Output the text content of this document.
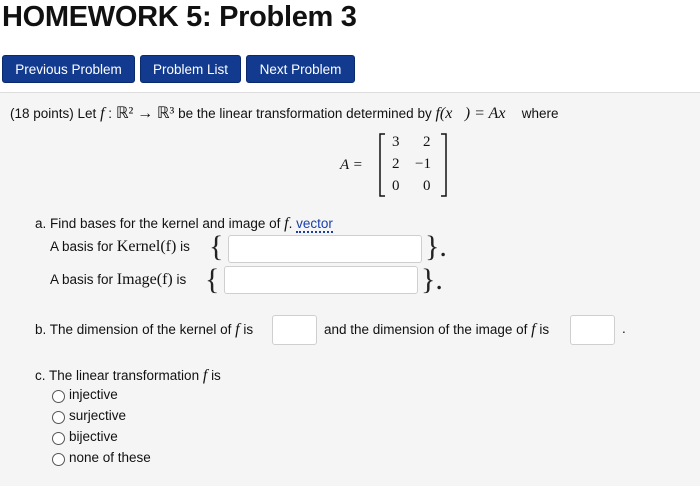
HOMEWORK 5: Problem 3
Previous Problem	Problem List	Next Problem
(18 points) Let f : ℝ² → ℝ³ be the linear transformation determined by f(x⃗) = Ax⃗ where
A =
3 2
2 −1
0 0
a. Find bases for the kernel and image of f. vector
A basis for Kernel(f) is {	}.
A basis for Image(f) is {	}.
b. The dimension of the kernel of f is	and the dimension of the image of f is	.
c. The linear transformation f is
injective
surjective
bijective
none of these
